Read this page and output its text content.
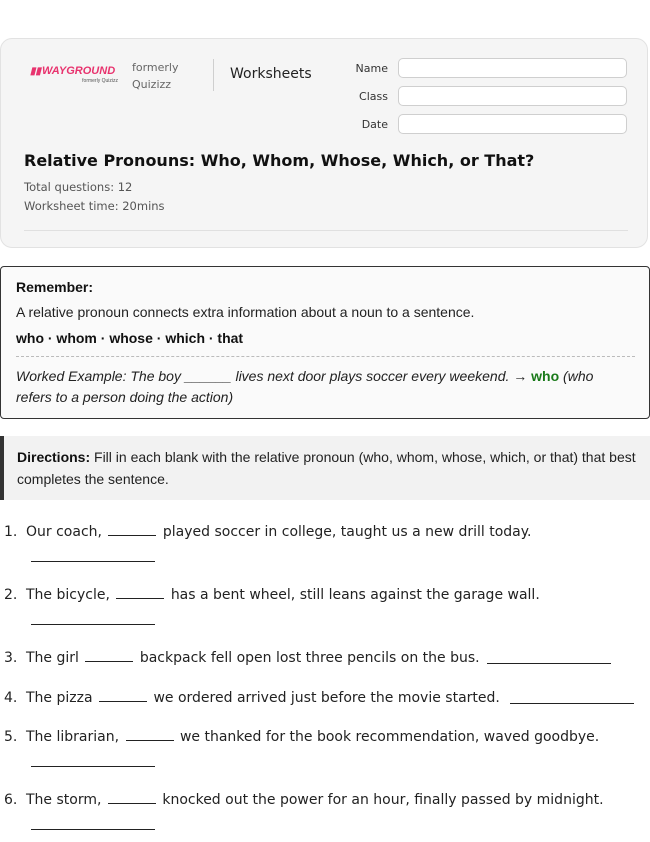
▮▮WAYGROUND
formerly Quizizz
formerly Quizizz
Worksheets	Name
Class
Date
Relative Pronouns: Who, Whom, Whose, Which, or That?
Total questions: 12
Worksheet time: 20mins
Remember:
A relative pronoun connects extra information about a noun to a sentence.
who · whom · whose · which · that
Worked Example: The boy ______ lives next door plays soccer every weekend. → who (who refers to a person doing the action)
Directions: Fill in each blank with the relative pronoun (who, whom, whose, which, or that) that best completes the sentence.
1. Our coach,	played soccer in college, taught us a new drill today.
2. The bicycle,	has a bent wheel, still leans against the garage wall.
3. The girl	backpack fell open lost three pencils on the bus.
4. The pizza	we ordered arrived just before the movie started.
5. The librarian,	we thanked for the book recommendation, waved goodbye.
6. The storm,	knocked out the power for an hour, finally passed by midnight.
